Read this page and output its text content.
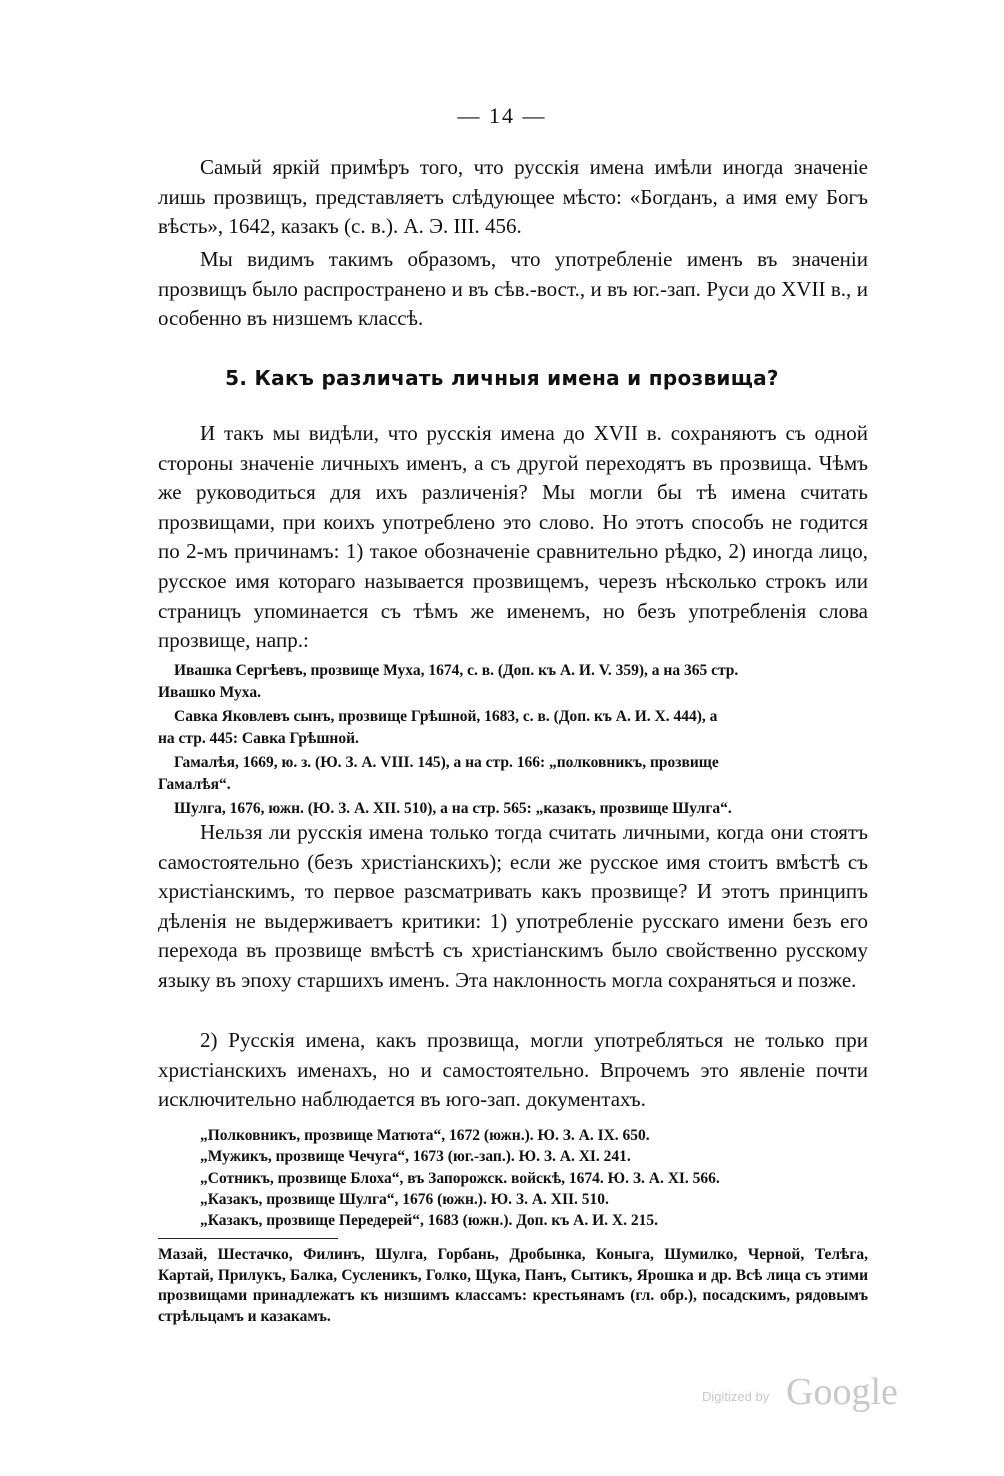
— 14 —

Самый яркій примѣръ того, что русскія имена имѣли иногда значеніе лишь прозвищъ, представляетъ слѣдующее мѣсто: «Богданъ, а имя ему Богъ вѣсть», 1642, казакъ (с. в.). А. Э. III. 456.

Мы видимъ такимъ образомъ, что употребленіе именъ въ значеніи прозвищъ было распространено и въ сѣв.-вост., и въ юг.-зап. Руси до XVII в., и особенно въ низшемъ классѣ.

5. Какъ различать личныя имена и прозвища?

И такъ мы видѣли, что русскія имена до XVII в. сохраняютъ съ одной стороны значеніе личныхъ именъ, а съ другой переходятъ въ прозвища. Чѣмъ же руководиться для ихъ различенія? Мы могли бы тѣ имена считать прозвищами, при коихъ употреблено это слово. Но этотъ способъ не годится по 2-мъ причинамъ: 1) такое обозначеніе сравнительно рѣдко, 2) иногда лицо, русское имя котораго называется прозвищемъ, черезъ нѣсколько строкъ или страницъ упоминается съ тѣмъ же именемъ, но безъ употребленія слова прозвище, напр.:

Ивашка Сергѣевъ, прозвище Муха, 1674, с. в. (Доп. къ А. И. V. 359), а на 365 стр.
Ивашко Муха.

Савка Яковлевъ сынъ, прозвище Грѣшной, 1683, с. в. (Доп. къ А. И. X. 444), а
на стр. 445: Савка Грѣшной.

Гамалѣя, 1669, ю. з. (Ю. З. А. VIII. 145), а на стр. 166: „полковникъ, прозвище
Гамалѣя“.

Шулга, 1676, южн. (Ю. З. А. XII. 510), а на стр. 565: „казакъ, прозвище Шулга“.

Нельзя ли русскія имена только тогда считать личными, когда они стоятъ самостоятельно (безъ христіанскихъ); если же русское имя стоитъ вмѣстѣ съ христіанскимъ, то первое разсматривать какъ прозвище? И этотъ принципъ дѣленія не выдерживаетъ критики: 1) употребленіе русскаго имени безъ его перехода въ прозвище вмѣстѣ съ христіанскимъ было свойственно русскому языку въ эпоху старшихъ именъ. Эта наклонность могла сохраняться и позже.

2) Русскія имена, какъ прозвища, могли употребляться не только при христіанскихъ именахъ, но и самостоятельно. Впрочемъ это явленіе почти исключительно наблюдается въ юго-зап. документахъ.

„Полковникъ, прозвище Матюта“, 1672 (южн.). Ю. З. А. IX. 650.

„Мужикъ, прозвище Чечуга“, 1673 (юг.-зап.). Ю. З. А. XI. 241.

„Сотникъ, прозвище Блоха“, въ Запорожск. войскѣ, 1674. Ю. З. А. XI. 566.

„Казакъ, прозвище Шулга“, 1676 (южн.). Ю. З. А. XII. 510.

„Казакъ, прозвище Передерей“, 1683 (южн.). Доп. къ А. И. X. 215.

Мазай, Шестачко, Филинъ, Шулга, Горбань, Дробынка, Коныга, Шумилко, Черной, Телѣга, Картай, Прилукъ, Балка, Сусленикъ, Голко, Щука, Панъ, Сытикъ, Ярошка и др. Всѣ лица съ этими прозвищами принадлежатъ къ низшимъ классамъ: крестьянамъ (гл. обр.), посадскимъ, рядовымъ стрѣльцамъ и казакамъ.

Digitized by Google
